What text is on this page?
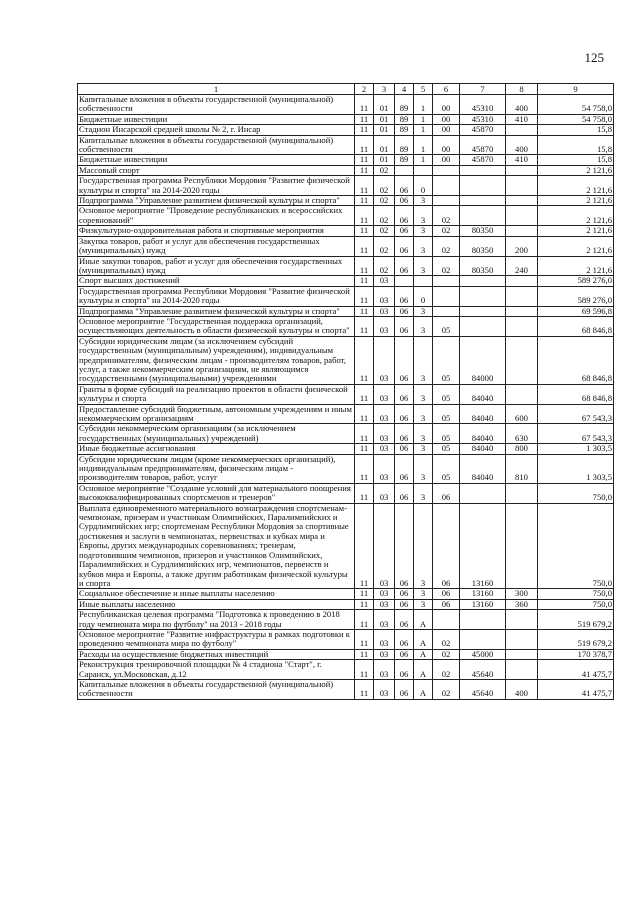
125
1	2	3	4	5	6	7	8	9
Капитальные вложения в объекты государственной (муниципальной) собственности	11	01	89	1	00	45310	400	54 758,0
Бюджетные инвестиции	11	01	89	1	00	45310	410	54 758,0
Стадион Инсарской средней школы № 2, г. Инсар	11	01	89	1	00	45870		15,8
Капитальные вложения в объекты государственной (муниципальной) собственности	11	01	89	1	00	45870	400	15,8
Бюджетные инвестиции	11	01	89	1	00	45870	410	15,8
Массовый спорт	11	02						2 121,6
Государственная программа Республики Мордовия "Развитие физической культуры и спорта" на 2014-2020 годы	11	02	06	0				2 121,6
Подпрограмма "Управление развитием физической культуры и спорта"	11	02	06	3				2 121,6
Основное мероприятие "Проведение республиканских и всероссийских соревнований"	11	02	06	3	02			2 121,6
Физкультурно-оздоровительная работа и спортивные мероприятия	11	02	06	3	02	80350		2 121,6
Закупка товаров, работ и услуг для обеспечения государственных (муниципальных) нужд	11	02	06	3	02	80350	200	2 121,6
Иные закупки товаров, работ и услуг для обеспечения государственных (муниципальных) нужд	11	02	06	3	02	80350	240	2 121,6
Спорт высших достижений	11	03						589 276,0
Государственная программа Республики Мордовия "Развитие физической культуры и спорта" на 2014-2020 годы	11	03	06	0				589 276,0
Подпрограмма "Управление развитием физической культуры и спорта"	11	03	06	3				69 596,8
Основное мероприятие "Государственная поддержка организаций, осуществляющих деятельность в области физической культуры и спорта"	11	03	06	3	05			68 846,8
Субсидии юридическим лицам (за исключением субсидий государственным (муниципальным) учреждениям), индивидуальным предпринимателям, физическим лицам - производителям товаров, работ, услуг, а также некоммерческим организациям, не являющимся государственными (муниципальными) учреждениями	11	03	06	3	05	84000		68 846,8
Гранты в форме субсидий на реализацию проектов в области физической культуры и спорта	11	03	06	3	05	84040		68 846,8
Предоставление субсидий бюджетным, автономным учреждениям и иным некоммерческим организациям	11	03	06	3	05	84040	600	67 543,3
Субсидии некоммерческим организациям (за исключением государственных (муниципальных) учреждений)	11	03	06	3	05	84040	630	67 543,3
Иные бюджетные ассигнования	11	03	06	3	05	84040	800	1 303,5
Субсидии юридическим лицам (кроме некоммерческих организаций), индивидуальным предпринимателям, физическим лицам - производителям товаров, работ, услуг	11	03	06	3	05	84040	810	1 303,5
Основное мероприятие "Создание условий для материального поощрения высококвалифицированных спортсменов и тренеров"	11	03	06	3	06			750,0
Выплата единовременного материального вознаграждения спортсменам-чемпионам, призерам и участникам Олимпийских, Паралимпийских и Сурдлимпийских игр; спортсменам Республики Мордовия за спортивные достижения и заслуги в чемпионатах, первенствах и кубках мира и Европы, других международных соревнованиях; тренерам, подготовившим чемпионов, призеров и участников Олимпийских, Паралимпийских и Сурдлимпийских игр, чемпионатов, первенств и кубков мира и Европы, а также другим работникам физической культуры и спорта	11	03	06	3	06	13160		750,0
Социальное обеспечение и иные выплаты населению	11	03	06	3	06	13160	300	750,0
Иные выплаты населению	11	03	06	3	06	13160	360	750,0
Республиканская целевая программа "Подготовка к проведению в 2018 году чемпионата мира по футболу" на 2013 - 2018 годы	11	03	06	А				519 679,2
Основное мероприятие "Развитие инфраструктуры в рамках подготовки к проведению чемпионата мира по футболу"	11	03	06	А	02			519 679,2
Расходы на осуществление бюджетных инвестиций	11	03	06	А	02	45000		170 378,7
Реконструкция тренировочной площадки № 4 стадиона "Старт", г. Саранск, ул.Московская, д.12	11	03	06	А	02	45640		41 475,7
Капитальные вложения в объекты государственной (муниципальной) собственности	11	03	06	А	02	45640	400	41 475,7
